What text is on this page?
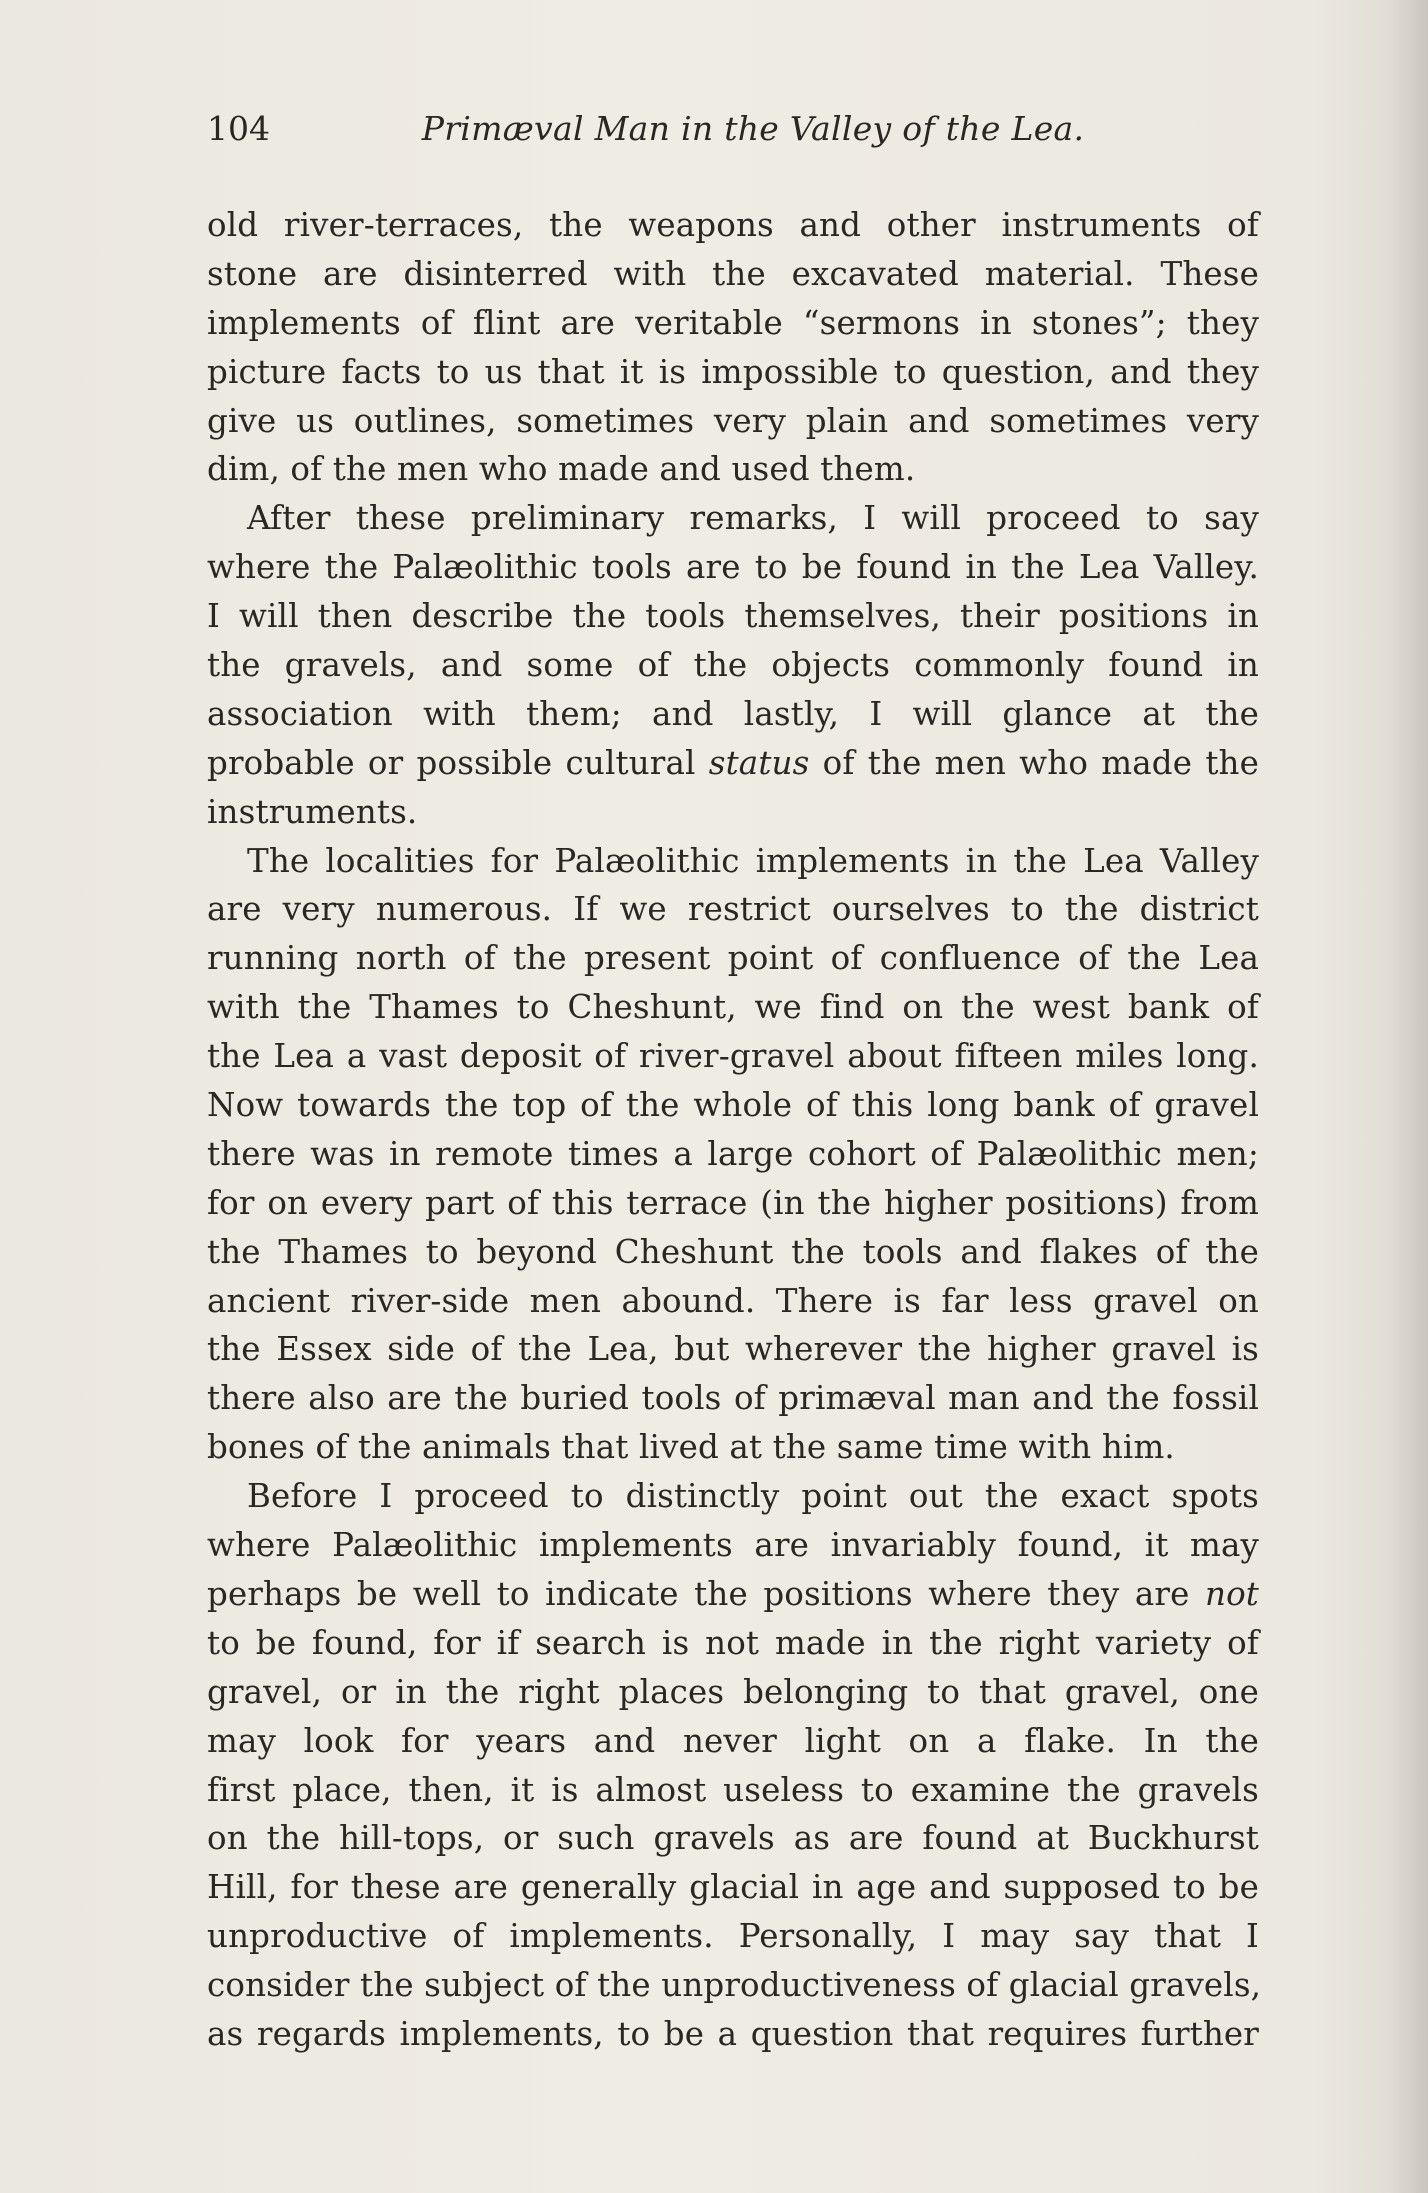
104	Primæval Man in the Valley of the Lea.
old river-terraces, the weapons and other instruments of
stone are disinterred with the excavated material. These
implements of flint are veritable “sermons in stones”; they
picture facts to us that it is impossible to question, and they
give us outlines, sometimes very plain and sometimes very
dim, of the men who made and used them.
After these preliminary remarks, I will proceed to say
where the Palæolithic tools are to be found in the Lea Valley.
I will then describe the tools themselves, their positions in
the gravels, and some of the objects commonly found in
association with them; and lastly, I will glance at the
probable or possible cultural status of the men who made the
instruments.
The localities for Palæolithic implements in the Lea Valley
are very numerous. If we restrict ourselves to the district
running north of the present point of confluence of the Lea
with the Thames to Cheshunt, we find on the west bank of
the Lea a vast deposit of river-gravel about fifteen miles long.
Now towards the top of the whole of this long bank of gravel
there was in remote times a large cohort of Palæolithic men;
for on every part of this terrace (in the higher positions) from
the Thames to beyond Cheshunt the tools and flakes of the
ancient river-side men abound. There is far less gravel on
the Essex side of the Lea, but wherever the higher gravel is
there also are the buried tools of primæval man and the fossil
bones of the animals that lived at the same time with him.
Before I proceed to distinctly point out the exact spots
where Palæolithic implements are invariably found, it may
perhaps be well to indicate the positions where they are not
to be found, for if search is not made in the right variety of
gravel, or in the right places belonging to that gravel, one
may look for years and never light on a flake. In the
first place, then, it is almost useless to examine the gravels
on the hill-tops, or such gravels as are found at Buckhurst
Hill, for these are generally glacial in age and supposed to be
unproductive of implements. Personally, I may say that I
consider the subject of the unproductiveness of glacial gravels,
as regards implements, to be a question that requires further
